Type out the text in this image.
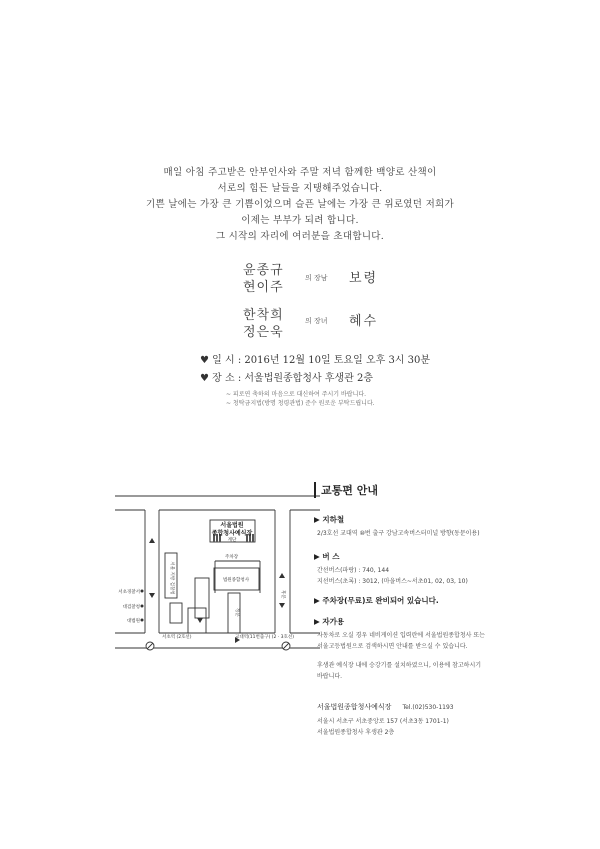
매일 아침 주고받은 안부인사와 주말 저녁 함께한 백양로 산책이
서로의 힘든 날들을 지탱해주었습니다.
기쁜 날에는 가장 큰 기쁨이었으며 슬픈 날에는 가장 큰 위로였던 저희가
이제는 부부가 되려 합니다.
그 시작의 자리에 여러분을 초대합니다.
윤종규
현이주
의 장남 보령
한착희
정은욱
의 장녀 혜수
♥ 일 시 : 2016년 12월 10일 토요일 오후 3시 30분
♥ 장 소 : 서울법원종합청사 후생관 2층
~ 피로연 축하의 마음으로 대신하여 주시기 바랍니다.
~ 청탁금지법(방명 청령관법) 준수 원로운 부탁드립니다.
서울법원
종합청사예식장
계단
주차장
법원종합청사
서울 지방 검찰청
서초경찰서
대검찰청
대법원
정문
후문
서초역 (2호선)	교대역(11번출구) (2 · 3호선)
교통편 안내
▶ 지하철
2/3호선 교대역 ⑩번 출구 강남고속버스터미널 방향(동문이용)
▶ 버 스
간선버스(파랑) : 740, 144
지선버스(초록) : 3012, (마을버스~서초01, 02, 03, 10)
▶ 주차장(무료)로 완비되어 있습니다.
▶ 자가용
자동차로 오실 경우 네비게이션 입력란에 서울법원종합청사 또는
서울고등법원으로 검색하시면 안내를 받으실 수 있습니다.
후생관 예식장 내에 승강기를 설치하였으니, 이용에 참고하시기
바랍니다.
서울법원종합청사예식장 Tel.(02)530-1193
서울시 서초구 서초중앙로 157 (서초3동 1701-1)
서울법원종합청사 후생관 2층
